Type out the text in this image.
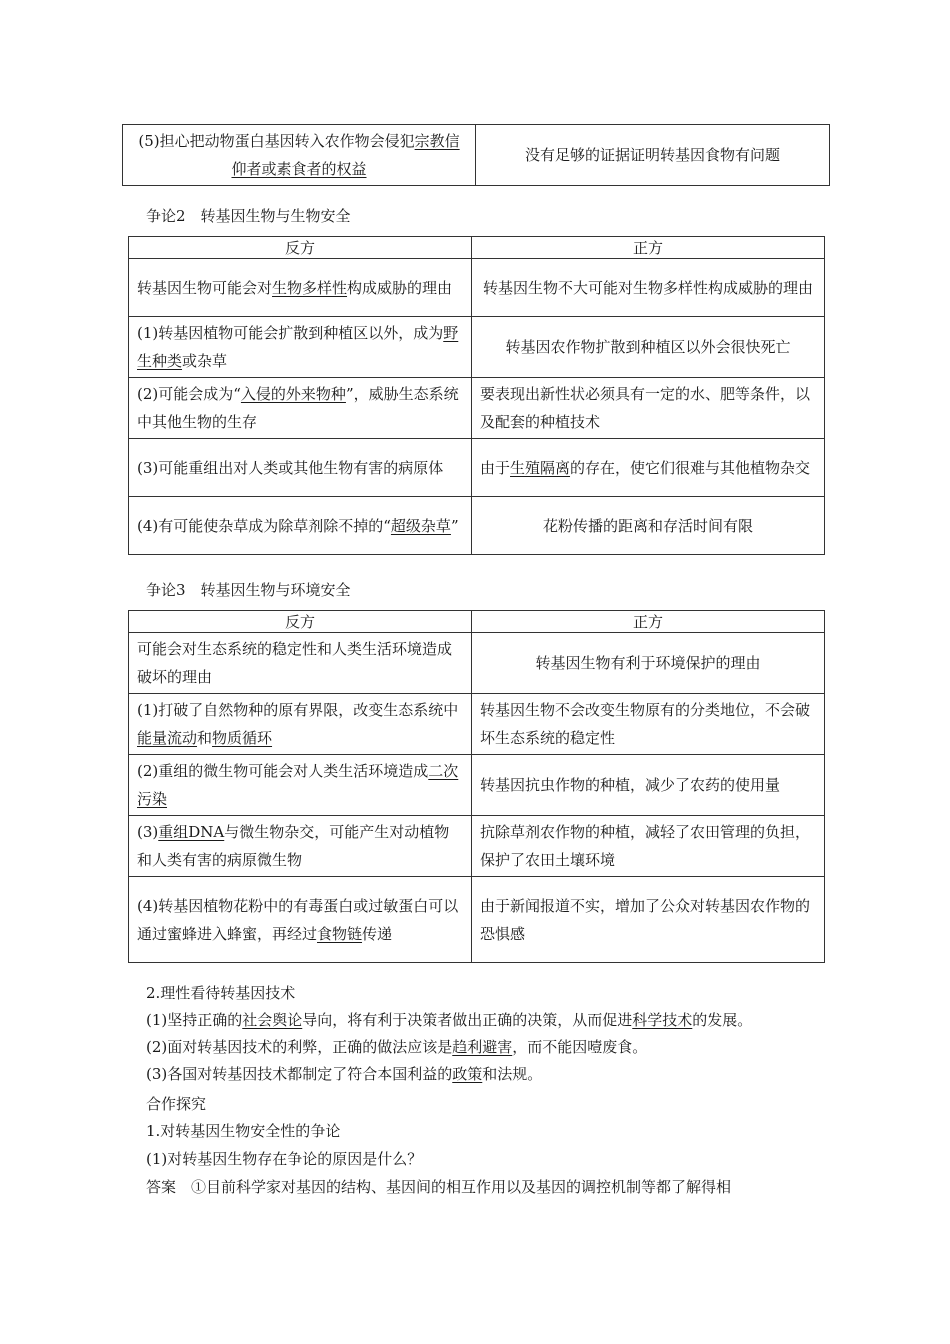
(5)担心把动物蛋白基因转入农作物会侵犯宗教信仰者或素食者的权益	没有足够的证据证明转基因食物有问题
争论2　转基因生物与生物安全
反方	正方
转基因生物可能会对生物多样性构成威胁的理由	转基因生物不大可能对生物多样性构成威胁的理由
(1)转基因植物可能会扩散到种植区以外，成为野生种类或杂草	转基因农作物扩散到种植区以外会很快死亡
(2)可能会成为“入侵的外来物种”，威胁生态系统中其他生物的生存	要表现出新性状必须具有一定的水、肥等条件，以及配套的种植技术
(3)可能重组出对人类或其他生物有害的病原体	由于生殖隔离的存在，使它们很难与其他植物杂交
(4)有可能使杂草成为除草剂除不掉的“超级杂草”	花粉传播的距离和存活时间有限
争论3　转基因生物与环境安全
反方	正方
可能会对生态系统的稳定性和人类生活环境造成破坏的理由	转基因生物有利于环境保护的理由
(1)打破了自然物种的原有界限，改变生态系统中能量流动和物质循环	转基因生物不会改变生物原有的分类地位，不会破坏生态系统的稳定性
(2)重组的微生物可能会对人类生活环境造成二次污染	转基因抗虫作物的种植，减少了农药的使用量
(3)重组DNA与微生物杂交，可能产生对动植物和人类有害的病原微生物	抗除草剂农作物的种植，减轻了农田管理的负担，保护了农田土壤环境
(4)转基因植物花粉中的有毒蛋白或过敏蛋白可以通过蜜蜂进入蜂蜜，再经过食物链传递	由于新闻报道不实，增加了公众对转基因农作物的恐惧感
2.理性看待转基因技术
(1)坚持正确的社会舆论导向，将有利于决策者做出正确的决策，从而促进科学技术的发展。
(2)面对转基因技术的利弊，正确的做法应该是趋利避害，而不能因噎废食。
(3)各国对转基因技术都制定了符合本国利益的政策和法规。
合作探究
1.对转基因生物安全性的争论
(1)对转基因生物存在争论的原因是什么？
答案　①目前科学家对基因的结构、基因间的相互作用以及基因的调控机制等都了解得相
